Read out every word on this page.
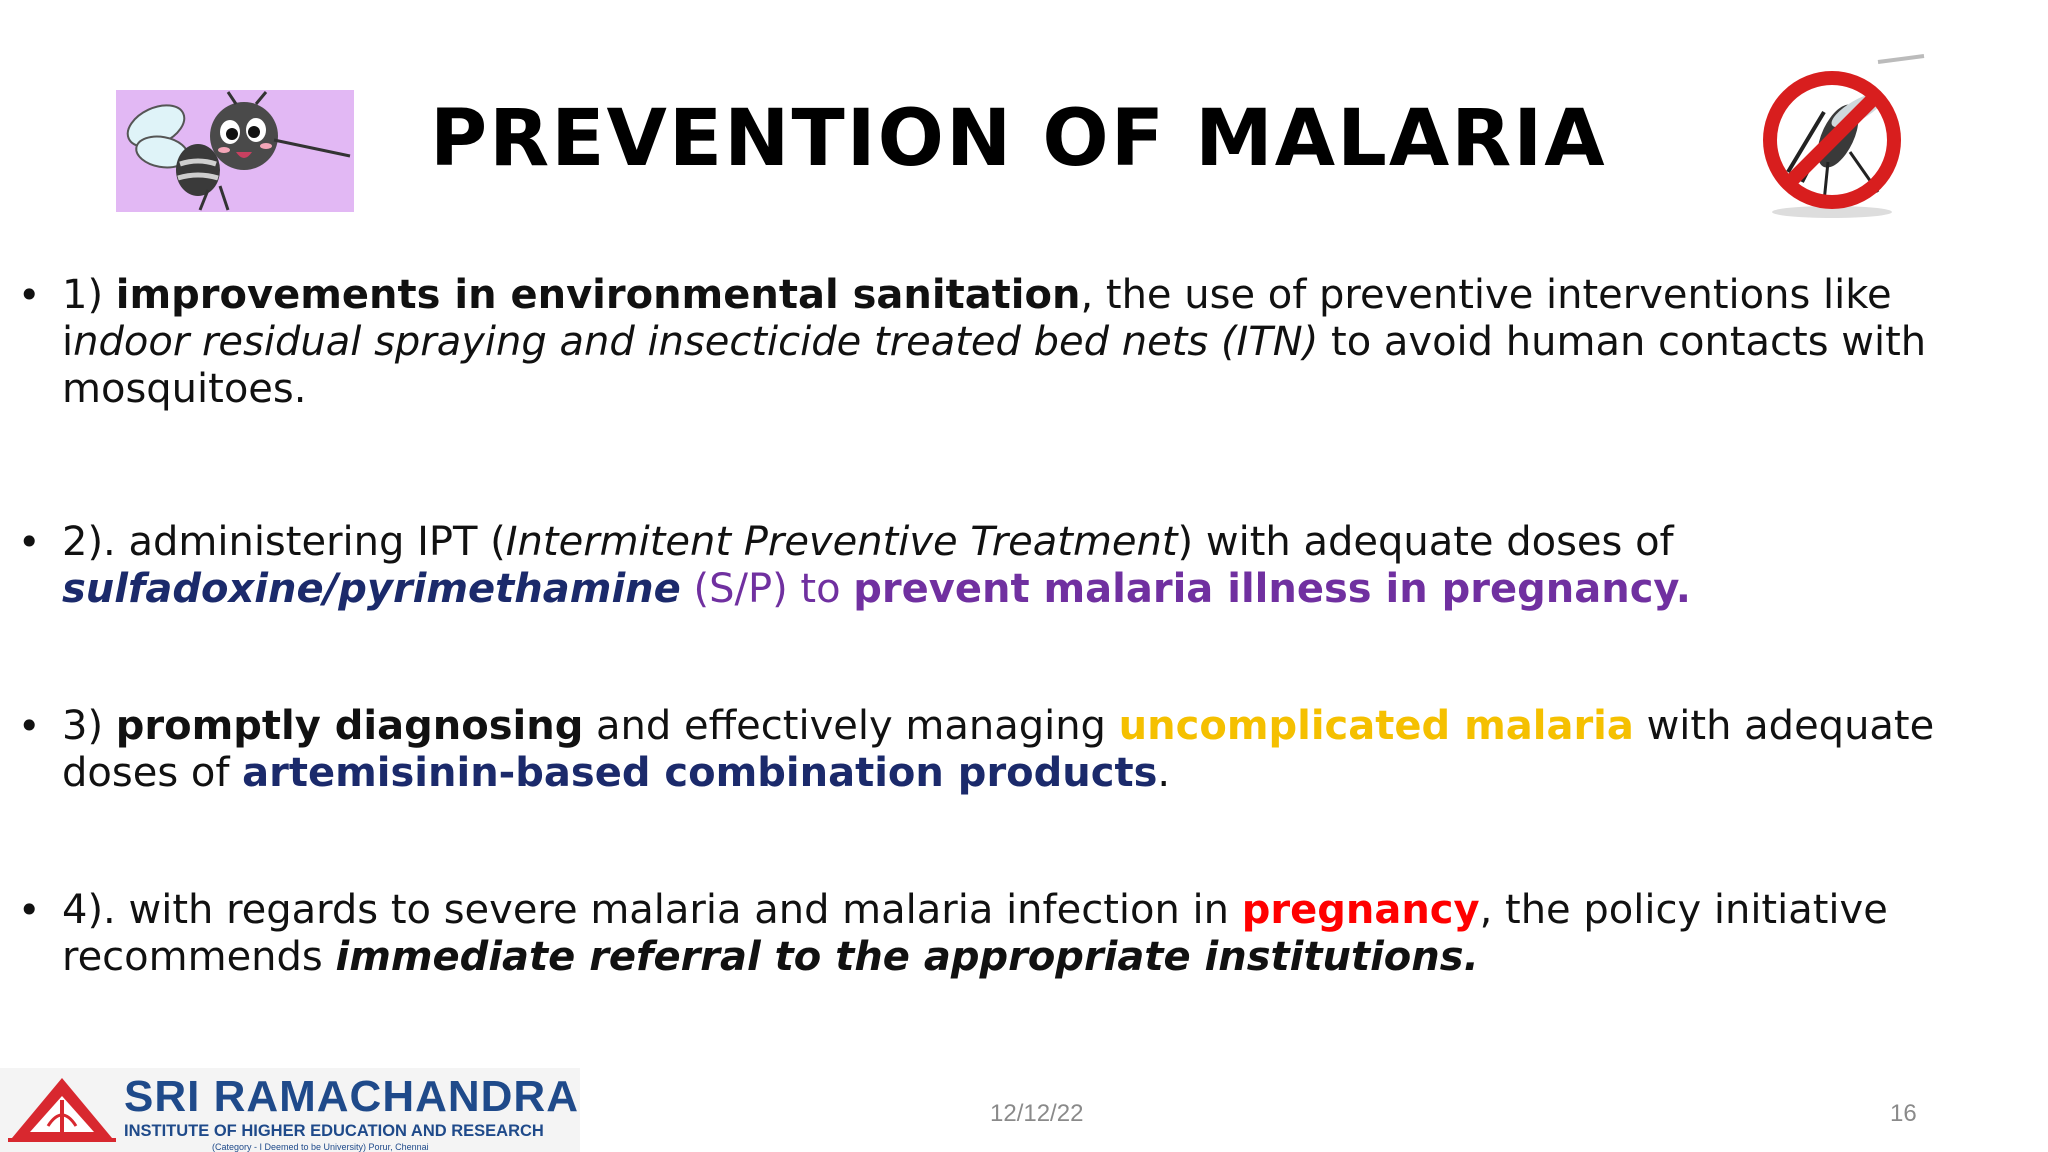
PREVENTION OF MALARIA

• 1) improvements in environmental sanitation, the use of preventive interventions like indoor residual spraying and insecticide treated bed nets (ITN) to avoid human contacts with mosquitoes.

• 2). administering IPT (Intermitent Preventive Treatment) with adequate doses of sulfadoxine/pyrimethamine (S/P) to prevent malaria illness in pregnancy.

• 3) promptly diagnosing and effectively managing uncomplicated malaria with adequate doses of artemisinin-based combination products.

• 4). with regards to severe malaria and malaria infection in pregnancy, the policy initiative recommends immediate referral to the appropriate institutions.

SRI RAMACHANDRA
INSTITUTE OF HIGHER EDUCATION AND RESEARCH
(Category - I Deemed to be University) Porur, Chennai
12/12/22	16
